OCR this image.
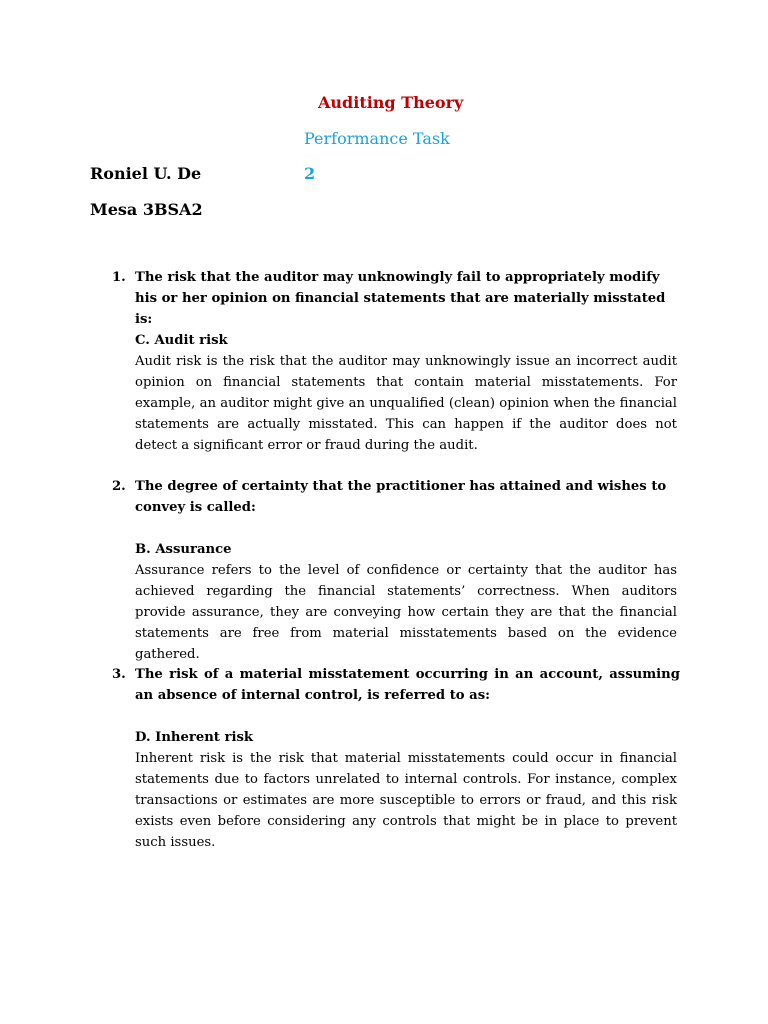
Auditing Theory
Performance Task
Roniel U. De	2
Mesa 3BSA2
1. The risk that the auditor may unknowingly fail to appropriately modify his or her opinion on financial statements that are materially misstated is:
C. Audit risk
Audit risk is the risk that the auditor may unknowingly issue an incorrect audit opinion on financial statements that contain material misstatements. For example, an auditor might give an unqualified (clean) opinion when the financial statements are actually misstated. This can happen if the auditor does not detect a significant error or fraud during the audit.
2. The degree of certainty that the practitioner has attained and wishes to convey is called:
B. Assurance
Assurance refers to the level of confidence or certainty that the auditor has achieved regarding the financial statements’ correctness. When auditors provide assurance, they are conveying how certain they are that the financial statements are free from material misstatements based on the evidence gathered.
3. The risk of a material misstatement occurring in an account, assuming an absence of internal control, is referred to as:
D. Inherent risk
Inherent risk is the risk that material misstatements could occur in financial statements due to factors unrelated to internal controls. For instance, complex transactions or estimates are more susceptible to errors or fraud, and this risk exists even before considering any controls that might be in place to prevent such issues.
